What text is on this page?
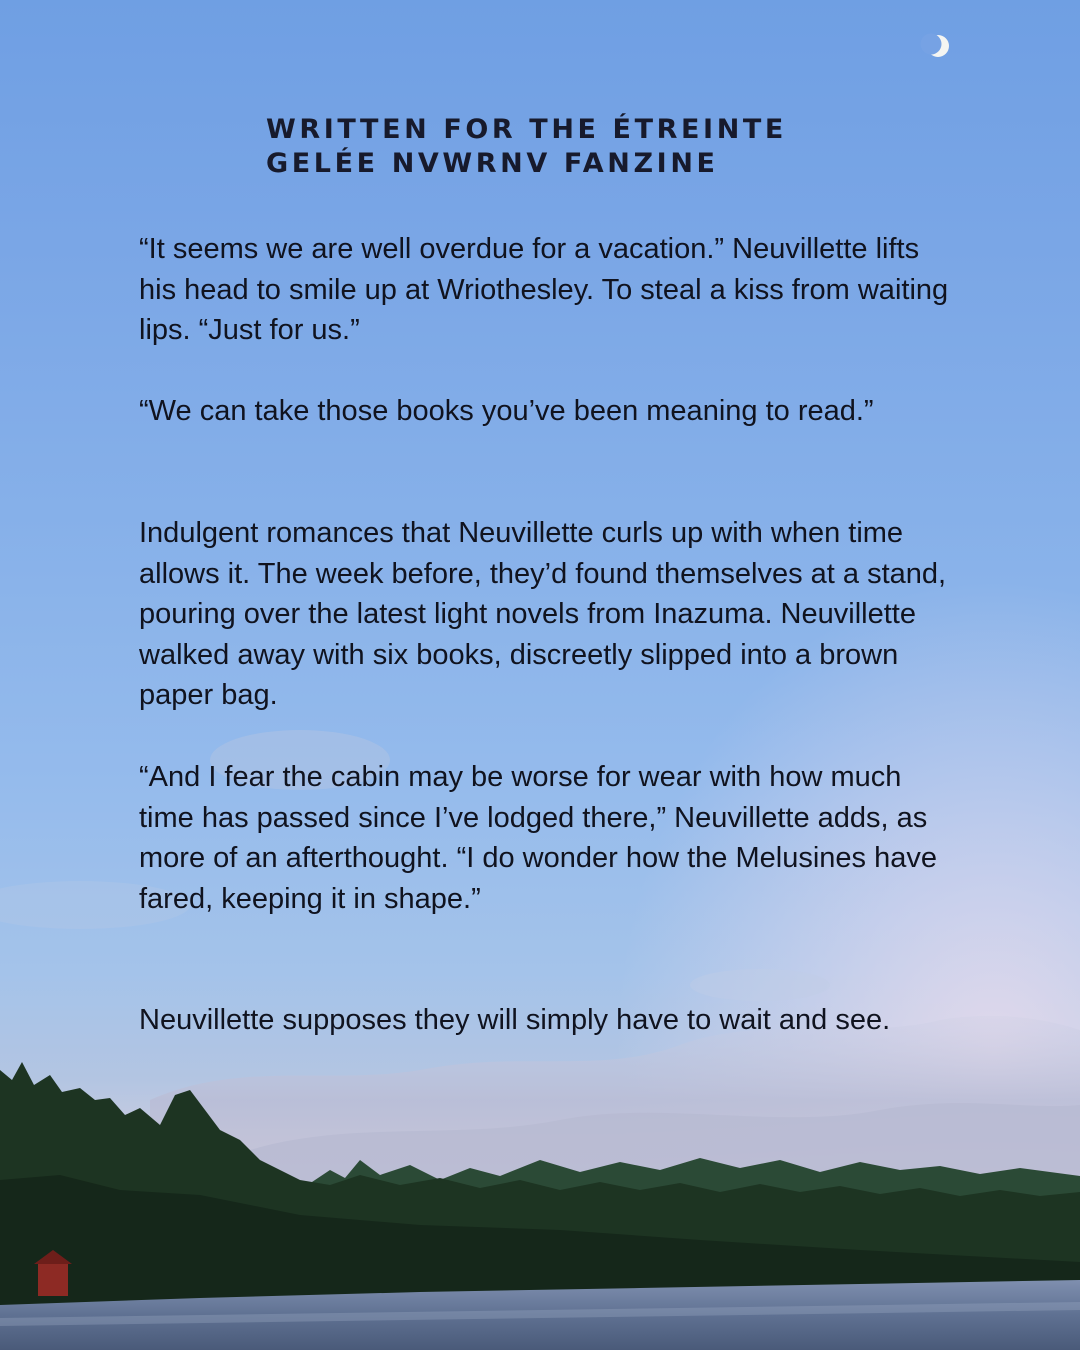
WRITTEN FOR THE ÉTREINTE
GELÉE NVWRNV FANZINE

“It seems we are well overdue for a vacation.” Neuvillette lifts his head to smile up at Wriothesley. To steal a kiss from waiting lips. “Just for us.”

“We can take those books you’ve been meaning to read.”

Indulgent romances that Neuvillette curls up with when time allows it. The week before, they’d found themselves at a stand, pouring over the latest light novels from Inazuma. Neuvillette walked away with six books, discreetly slipped into a brown paper bag.

“And I fear the cabin may be worse for wear with how much time has passed since I’ve lodged there,” Neuvillette adds, as more of an afterthought. “I do wonder how the Melusines have fared, keeping it in shape.”

Neuvillette supposes they will simply have to wait and see.
